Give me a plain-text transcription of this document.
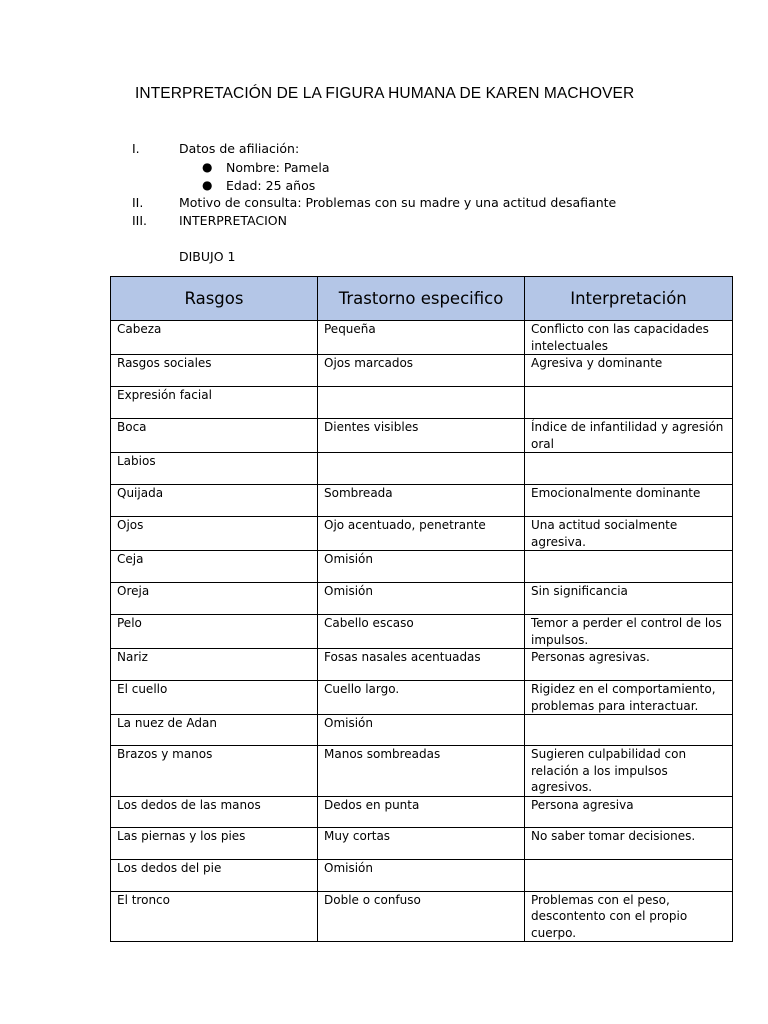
INTERPRETACIÓN DE LA FIGURA HUMANA DE KAREN MACHOVER
I.	Datos de afiliación:
● Nombre: Pamela
● Edad: 25 años
II.	Motivo de consulta: Problemas con su madre y una actitud desafiante
III.	INTERPRETACION
DIBUJO 1
Rasgos	Trastorno especifico	Interpretación
Cabeza	Pequeña	Conflicto con las capacidades intelectuales
Rasgos sociales	Ojos marcados	Agresiva y dominante
Expresión facial		
Boca	Dientes visibles	Índice de infantilidad y agresión oral
Labios		
Quijada	Sombreada	Emocionalmente dominante
Ojos	Ojo acentuado, penetrante	Una actitud socialmente agresiva.
Ceja	Omisión	
Oreja	Omisión	Sin significancia
Pelo	Cabello escaso	Temor a perder el control de los impulsos.
Nariz	Fosas nasales acentuadas	Personas agresivas.
El cuello	Cuello largo.	Rigidez en el comportamiento, problemas para interactuar.
La nuez de Adan	Omisión	
Brazos y manos	Manos sombreadas	Sugieren culpabilidad con relación a los impulsos agresivos.
Los dedos de las manos	Dedos en punta	Persona agresiva
Las piernas y los pies	Muy cortas	No saber tomar decisiones.
Los dedos del pie	Omisión	
El tronco	Doble o confuso	Problemas con el peso, descontento con el propio cuerpo.
